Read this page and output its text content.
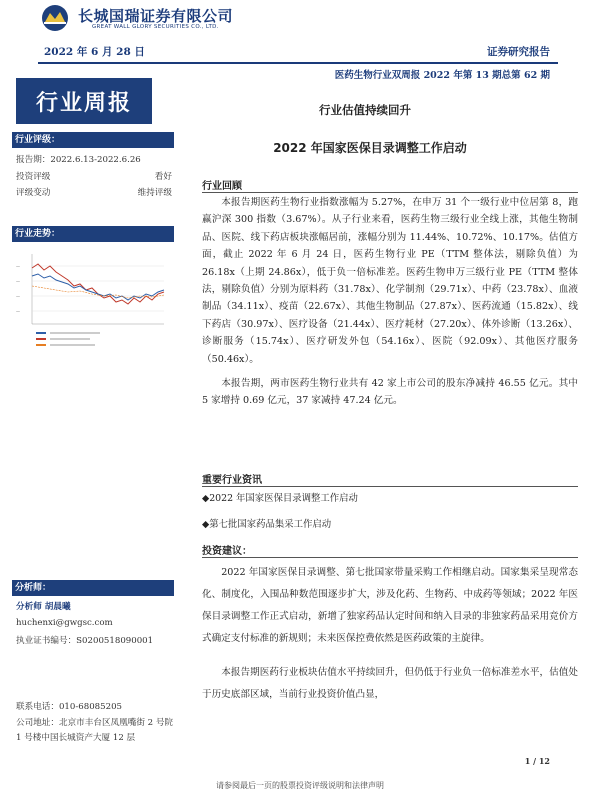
长城国瑞证券有限公司
GREAT WALL GLORY SECURITIES CO., LTD.
2022 年 6 月 28 日	证券研究报告
医药生物行业双周报 2022 年第 13 期总第 62 期
行业周报	行业估值持续回升
2022 年国家医保目录调整工作启动
行业评级：
报告期：2022.6.13-2022.6.26
投资评级	看好
评级变动	维持评级
行业走势：
—
—
—
—
分析师：
分析师 胡晨曦
huchenxi@gwgsc.com
执业证书编号：S0200518090001
联系电话：010-68085205
公司地址：北京市丰台区凤凰嘴街 2 号院 1 号楼中国长城资产大厦 12 层
行业回顾

本报告期医药生物行业指数涨幅为 5.27%，在申万 31 个一级行业中位居第 8，跑赢沪深 300 指数（3.67%）。从子行业来看，医药生物三级行业全线上涨，其他生物制品、医院、线下药店板块涨幅居前，涨幅分别为 11.44%、10.72%、10.17%。估值方面，截止 2022 年 6 月 24 日，医药生物行业 PE（TTM 整体法，剔除负值）为 26.18x（上期 24.86x），低于负一倍标准差。医药生物申万三级行业 PE（TTM 整体法，剔除负值）分别为原料药（31.78x）、化学制剂（29.71x）、中药（23.78x）、血液制品（34.11x）、疫苗（22.67x）、其他生物制品（27.87x）、医药流通（15.82x）、线下药店（30.97x）、医疗设备（21.44x）、医疗耗材（27.20x）、体外诊断（13.26x）、诊断服务（15.74x）、医疗研发外包（54.16x）、医院（92.09x）、其他医疗服务（50.46x）。

本报告期，两市医药生物行业共有 42 家上市公司的股东净减持 46.55 亿元。其中 5 家增持 0.69 亿元，37 家减持 47.24 亿元。

重要行业资讯
◆2022 年国家医保目录调整工作启动
◆第七批国家药品集采工作启动
投资建议：

2022 年国家医保目录调整、第七批国家带量采购工作相继启动。国家集采呈现常态化、制度化，入围品种数范围逐步扩大，涉及化药、生物药、中成药等领域；2022 年医保目录调整工作正式启动，新增了独家药品认定时间和纳入目录的非独家药品采用竞价方式确定支付标准的新规则；未来医保控费依然是医药政策的主旋律。

本报告期医药行业板块估值水平持续回升，但仍低于行业负一倍标准差水平，估值处于历史底部区域，当前行业投资价值凸显，

1 / 12
请参阅最后一页的股票投资评级说明和法律声明
